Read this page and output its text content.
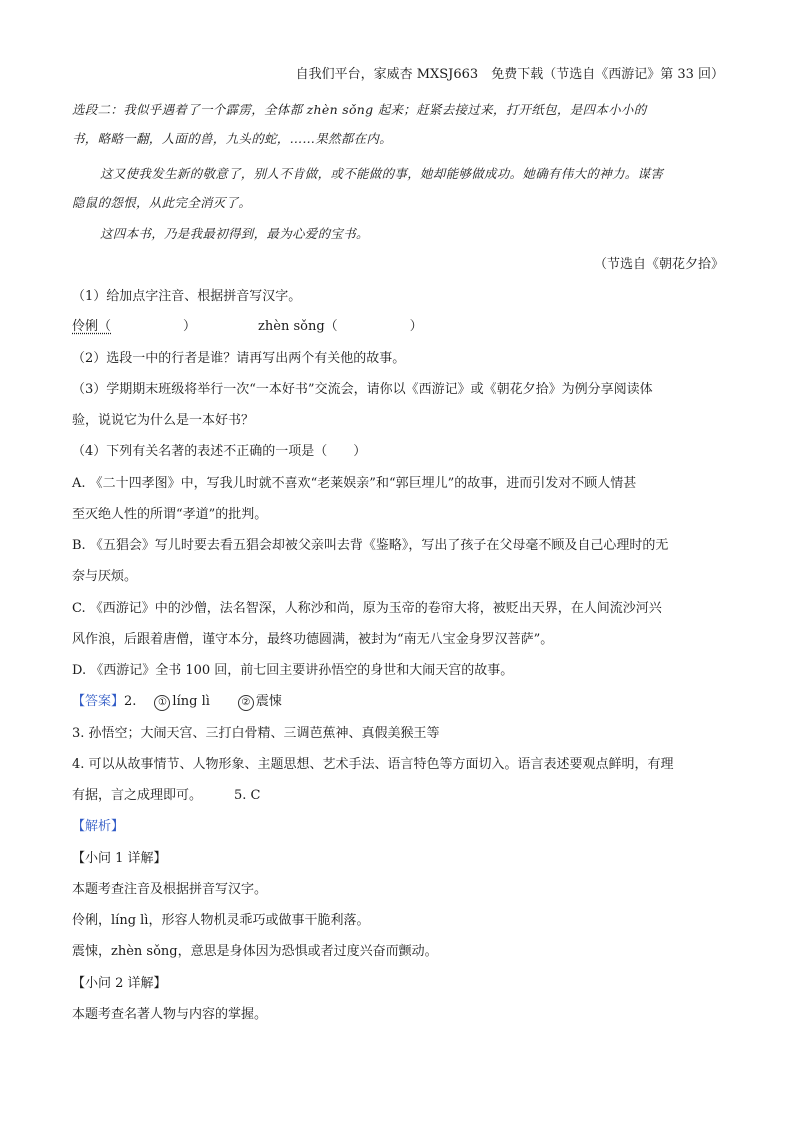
自我们平台，家威杏 MXSJ663　免费下载（节选自《西游记》第 33 回）
选段二：我似乎遇着了一个霹雳，全体都 zhèn sǒng 起来；赶紧去接过来，打开纸包，是四本小小的
书，略略一翻，人面的兽，九头的蛇，……果然都在内。
这又使我发生新的敬意了，别人不肯做，或不能做的事，她却能够做成功。她确有伟大的神力。谋害
隐鼠的怨恨，从此完全消灭了。
这四本书，乃是我最初得到，最为心爱的宝书。
（节选自《朝花夕拾》
（1）给加点字注音、根据拼音写汉字。
伶俐（	）	zhèn sǒng（	）
（2）选段一中的行者是谁？请再写出两个有关他的故事。
（3）学期期末班级将举行一次“一本好书”交流会，请你以《西游记》或《朝花夕拾》为例分享阅读体
验，说说它为什么是一本好书？
（4）下列有关名著的表述不正确的一项是（　　）
A. 《二十四孝图》中，写我儿时就不喜欢“老莱娱亲”和“郭巨埋儿”的故事，进而引发对不顾人情甚
至灭绝人性的所谓“孝道”的批判。
B. 《五猖会》写儿时要去看五猖会却被父亲叫去背《鉴略》，写出了孩子在父母毫不顾及自己心理时的无
奈与厌烦。
C. 《西游记》中的沙僧，法名智深，人称沙和尚，原为玉帝的卷帘大将，被贬出天界，在人间流沙河兴
风作浪，后跟着唐僧，谨守本分，最终功德圆满，被封为“南无八宝金身罗汉菩萨”。
D. 《西游记》全书 100 回，前七回主要讲孙悟空的身世和大闹天宫的故事。
【答案】2. ① líng lì	② 震悚
3. 孙悟空；大闹天宫、三打白骨精、三调芭蕉神、真假美猴王等
4. 可以从故事情节、人物形象、主题思想、艺术手法、语言特色等方面切入。语言表述要观点鲜明，有理
有据，言之成理即可。 5. C
【解析】
【小问 1 详解】
本题考查注音及根据拼音写汉字。
伶俐，líng lì，形容人物机灵乖巧或做事干脆利落。
震悚，zhèn sǒng，意思是身体因为恐惧或者过度兴奋而颤动。
【小问 2 详解】
本题考查名著人物与内容的掌握。
